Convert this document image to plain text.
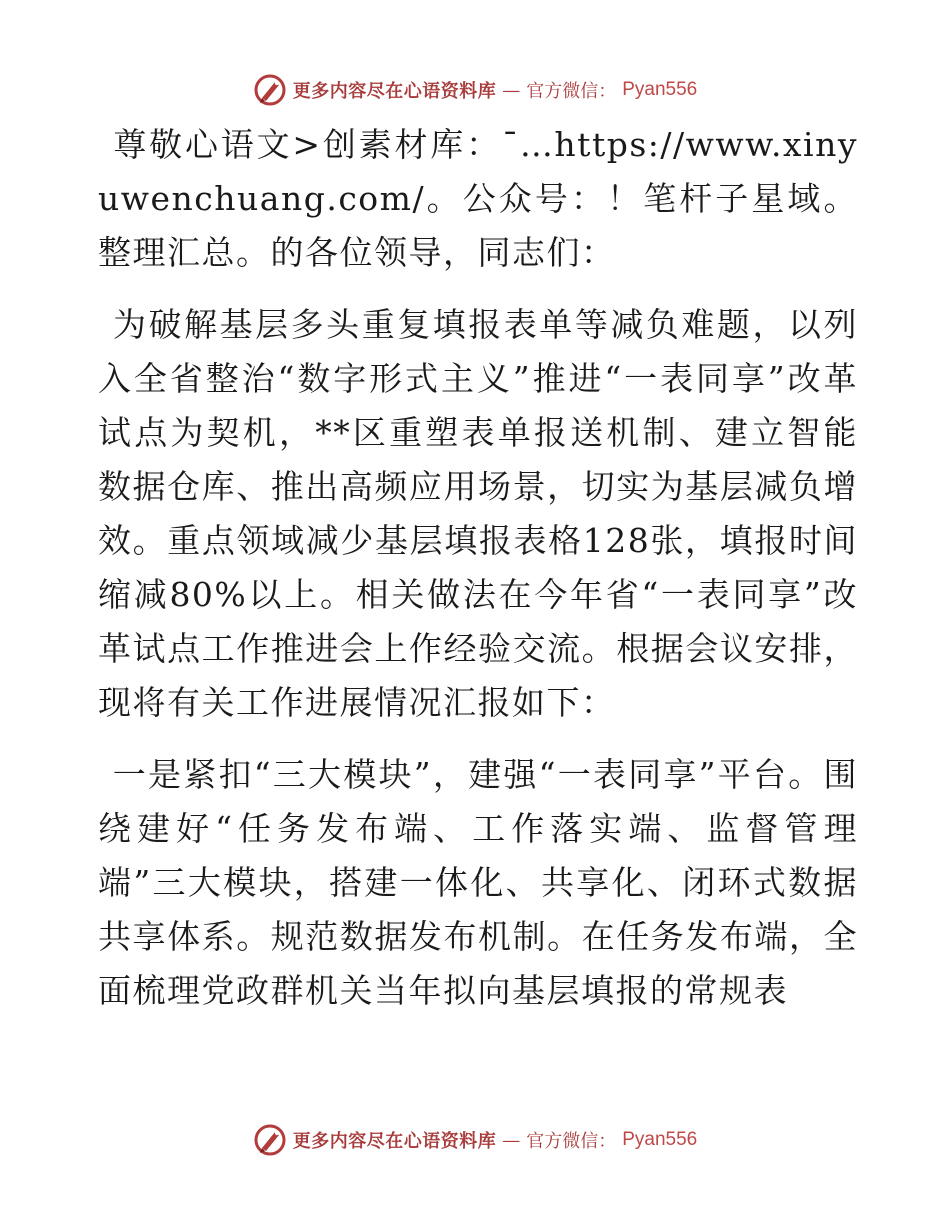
更多内容尽在心语资料库 — 官方微信： Pyan556

尊敬心语文>创素材库：¯…https://www.xinyuwenchuang.com/。公众号：！笔杆子星域。整理汇总。的各位领导，同志们：

为破解基层多头重复填报表单等减负难题，以列入全省整治“数字形式主义”推进“一表同享”改革试点为契机，**区重塑表单报送机制、建立智能数据仓库、推出高频应用场景，切实为基层减负增效。重点领域减少基层填报表格128张，填报时间缩减80%以上。相关做法在今年省“一表同享”改革试点工作推进会上作经验交流。根据会议安排，现将有关工作进展情况汇报如下：

一是紧扣“三大模块”，建强“一表同享”平台。围绕建好“任务发布端、工作落实端、监督管理端”三大模块，搭建一体化、共享化、闭环式数据共享体系。规范数据发布机制。在任务发布端，全面梳理党政群机关当年拟向基层填报的常规表

更多内容尽在心语资料库 — 官方微信： Pyan556
